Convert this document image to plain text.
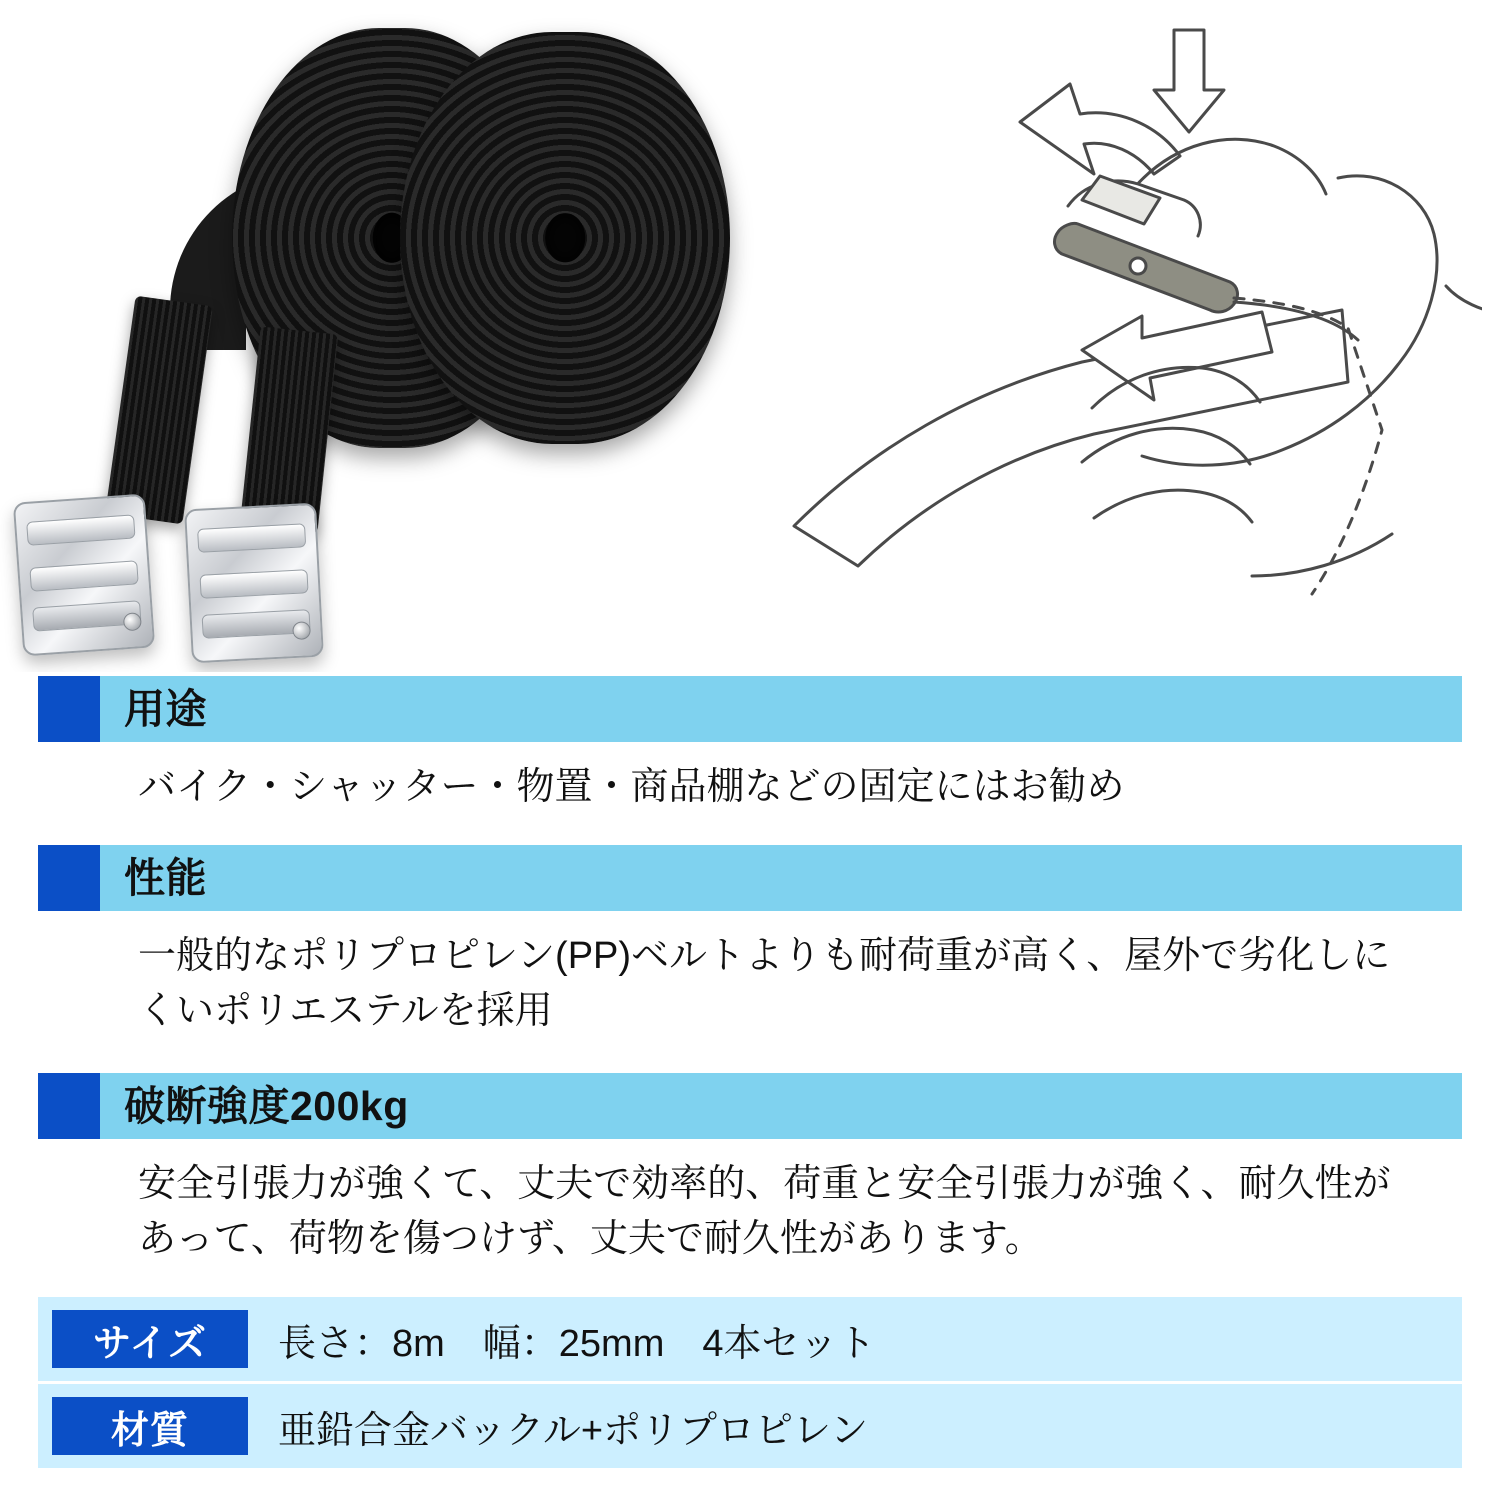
用途
バイク・シャッター・物置・商品棚などの固定にはお勧め
性能
一般的なポリプロピレン(PP)ベルトよりも耐荷重が高く、屋外で劣化しにくいポリエステルを採用
破断強度200kg
安全引張力が強くて、丈夫で効率的、荷重と安全引張力が強く、耐久性があって、荷物を傷つけず、丈夫で耐久性があります。
サイズ	長さ：8m　幅：25mm　4本セット
材質	亜鉛合金バックル+ポリプロピレン
